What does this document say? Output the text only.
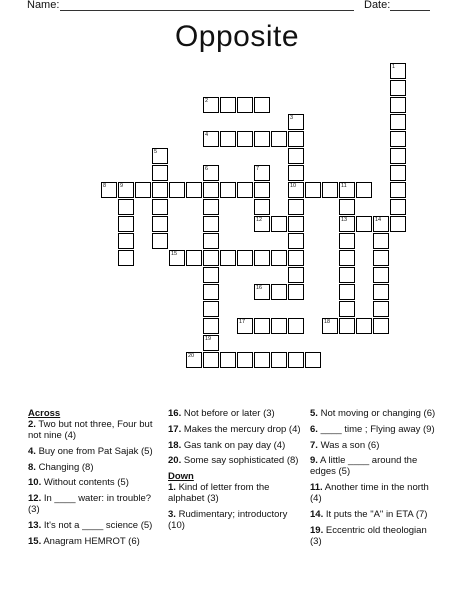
Name:	Date:
Opposite
1
2
3
4
5
6	7
8	9	10	11
12	13	14
15
16
17	18
19
20
Across
2. Two but not three, Four but not nine (4)
4. Buy one from Pat Sajak (5)
8. Changing (8)
10. Without contents (5)
12. In ____ water: in trouble? (3)
13. It's not a ____ science (5)
15. Anagram HEMROT (6)
16. Not before or later (3)
17. Makes the mercury drop (4)
18. Gas tank on pay day (4)
20. Some say sophisticated (8)
Down
1. Kind of letter from the alphabet (3)
3. Rudimentary; introductory (10)
5. Not moving or changing (6)
6. ____ time ; Flying away (9)
7. Was a son (6)
9. A little ____ around the edges (5)
11. Another time in the north (4)
14. It puts the "A" in ETA (7)
19. Eccentric old theologian (3)
